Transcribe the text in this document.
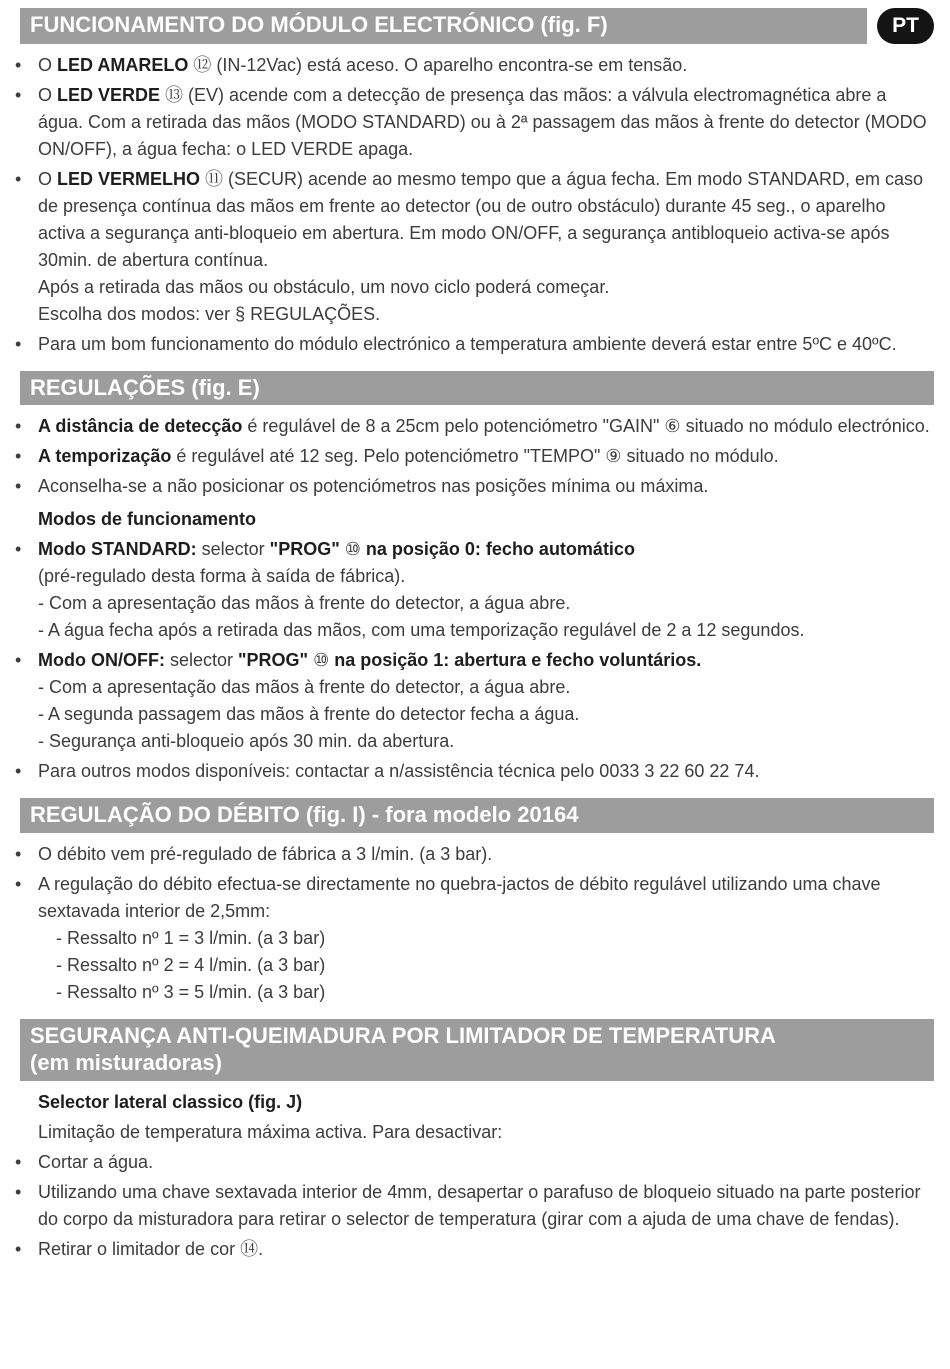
FUNCIONAMENTO DO MÓDULO ELECTRÓNICO (fig. F)	PT
• O LED AMARELO ⑫ (IN-12Vac) está aceso. O aparelho encontra-se em tensão.

• O LED VERDE ⑬ (EV) acende com a detecção de presença das mãos: a válvula electromagnética abre a água. Com a retirada das mãos (MODO STANDARD) ou à 2ª passagem das mãos à frente do detector (MODO ON/OFF), a água fecha: o LED VERDE apaga.

• O LED VERMELHO ⑪ (SECUR) acende ao mesmo tempo que a água fecha. Em modo STANDARD, em caso de presença contínua das mãos em frente ao detector (ou de outro obstáculo) durante 45 seg., o aparelho activa a segurança anti-bloqueio em abertura. Em modo ON/OFF, a segurança antibloqueio activa-se após 30min. de abertura contínua.

Após a retirada das mãos ou obstáculo, um novo ciclo poderá começar.

Escolha dos modos: ver § REGULAÇÕES.

• Para um bom funcionamento do módulo electrónico a temperatura ambiente deverá estar entre 5ºC e 40ºC.

REGULAÇÕES (fig. E)
• A distância de detecção é regulável de 8 a 25cm pelo potenciómetro "GAIN" ⑥ situado no módulo electrónico.

• A temporização é regulável até 12 seg. Pelo potenciómetro "TEMPO" ⑨ situado no módulo.

• Aconselha-se a não posicionar os potenciómetros nas posições mínima ou máxima.

Modos de funcionamento

• Modo STANDARD: selector "PROG" ⑩ na posição 0: fecho automático

(pré-regulado desta forma à saída de fábrica).

- Com a apresentação das mãos à frente do detector, a água abre.

- A água fecha após a retirada das mãos, com uma temporização regulável de 2 a 12 segundos.

• Modo ON/OFF: selector "PROG" ⑩ na posição 1: abertura e fecho voluntários.

- Com a apresentação das mãos à frente do detector, a água abre.

- A segunda passagem das mãos à frente do detector fecha a água.

- Segurança anti-bloqueio após 30 min. da abertura.

• Para outros modos disponíveis: contactar a n/assistência técnica pelo 0033 3 22 60 22 74.

REGULAÇÃO DO DÉBITO (fig. I) - fora modelo 20164
• O débito vem pré-regulado de fábrica a 3 l/min. (a 3 bar).

• A regulação do débito efectua-se directamente no quebra-jactos de débito regulável utilizando uma chave sextavada interior de 2,5mm:

- Ressalto nº 1 = 3 l/min. (a 3 bar)

- Ressalto nº 2 = 4 l/min. (a 3 bar)

- Ressalto nº 3 = 5 l/min. (a 3 bar)

SEGURANÇA ANTI-QUEIMADURA POR LIMITADOR DE TEMPERATURA
(em misturadoras)

Selector lateral classico (fig. J)

Limitação de temperatura máxima activa. Para desactivar:

• Cortar a água.

• Utilizando uma chave sextavada interior de 4mm, desapertar o parafuso de bloqueio situado na parte posterior do corpo da misturadora para retirar o selector de temperatura (girar com a ajuda de uma chave de fendas).

• Retirar o limitador de cor ⑭.
